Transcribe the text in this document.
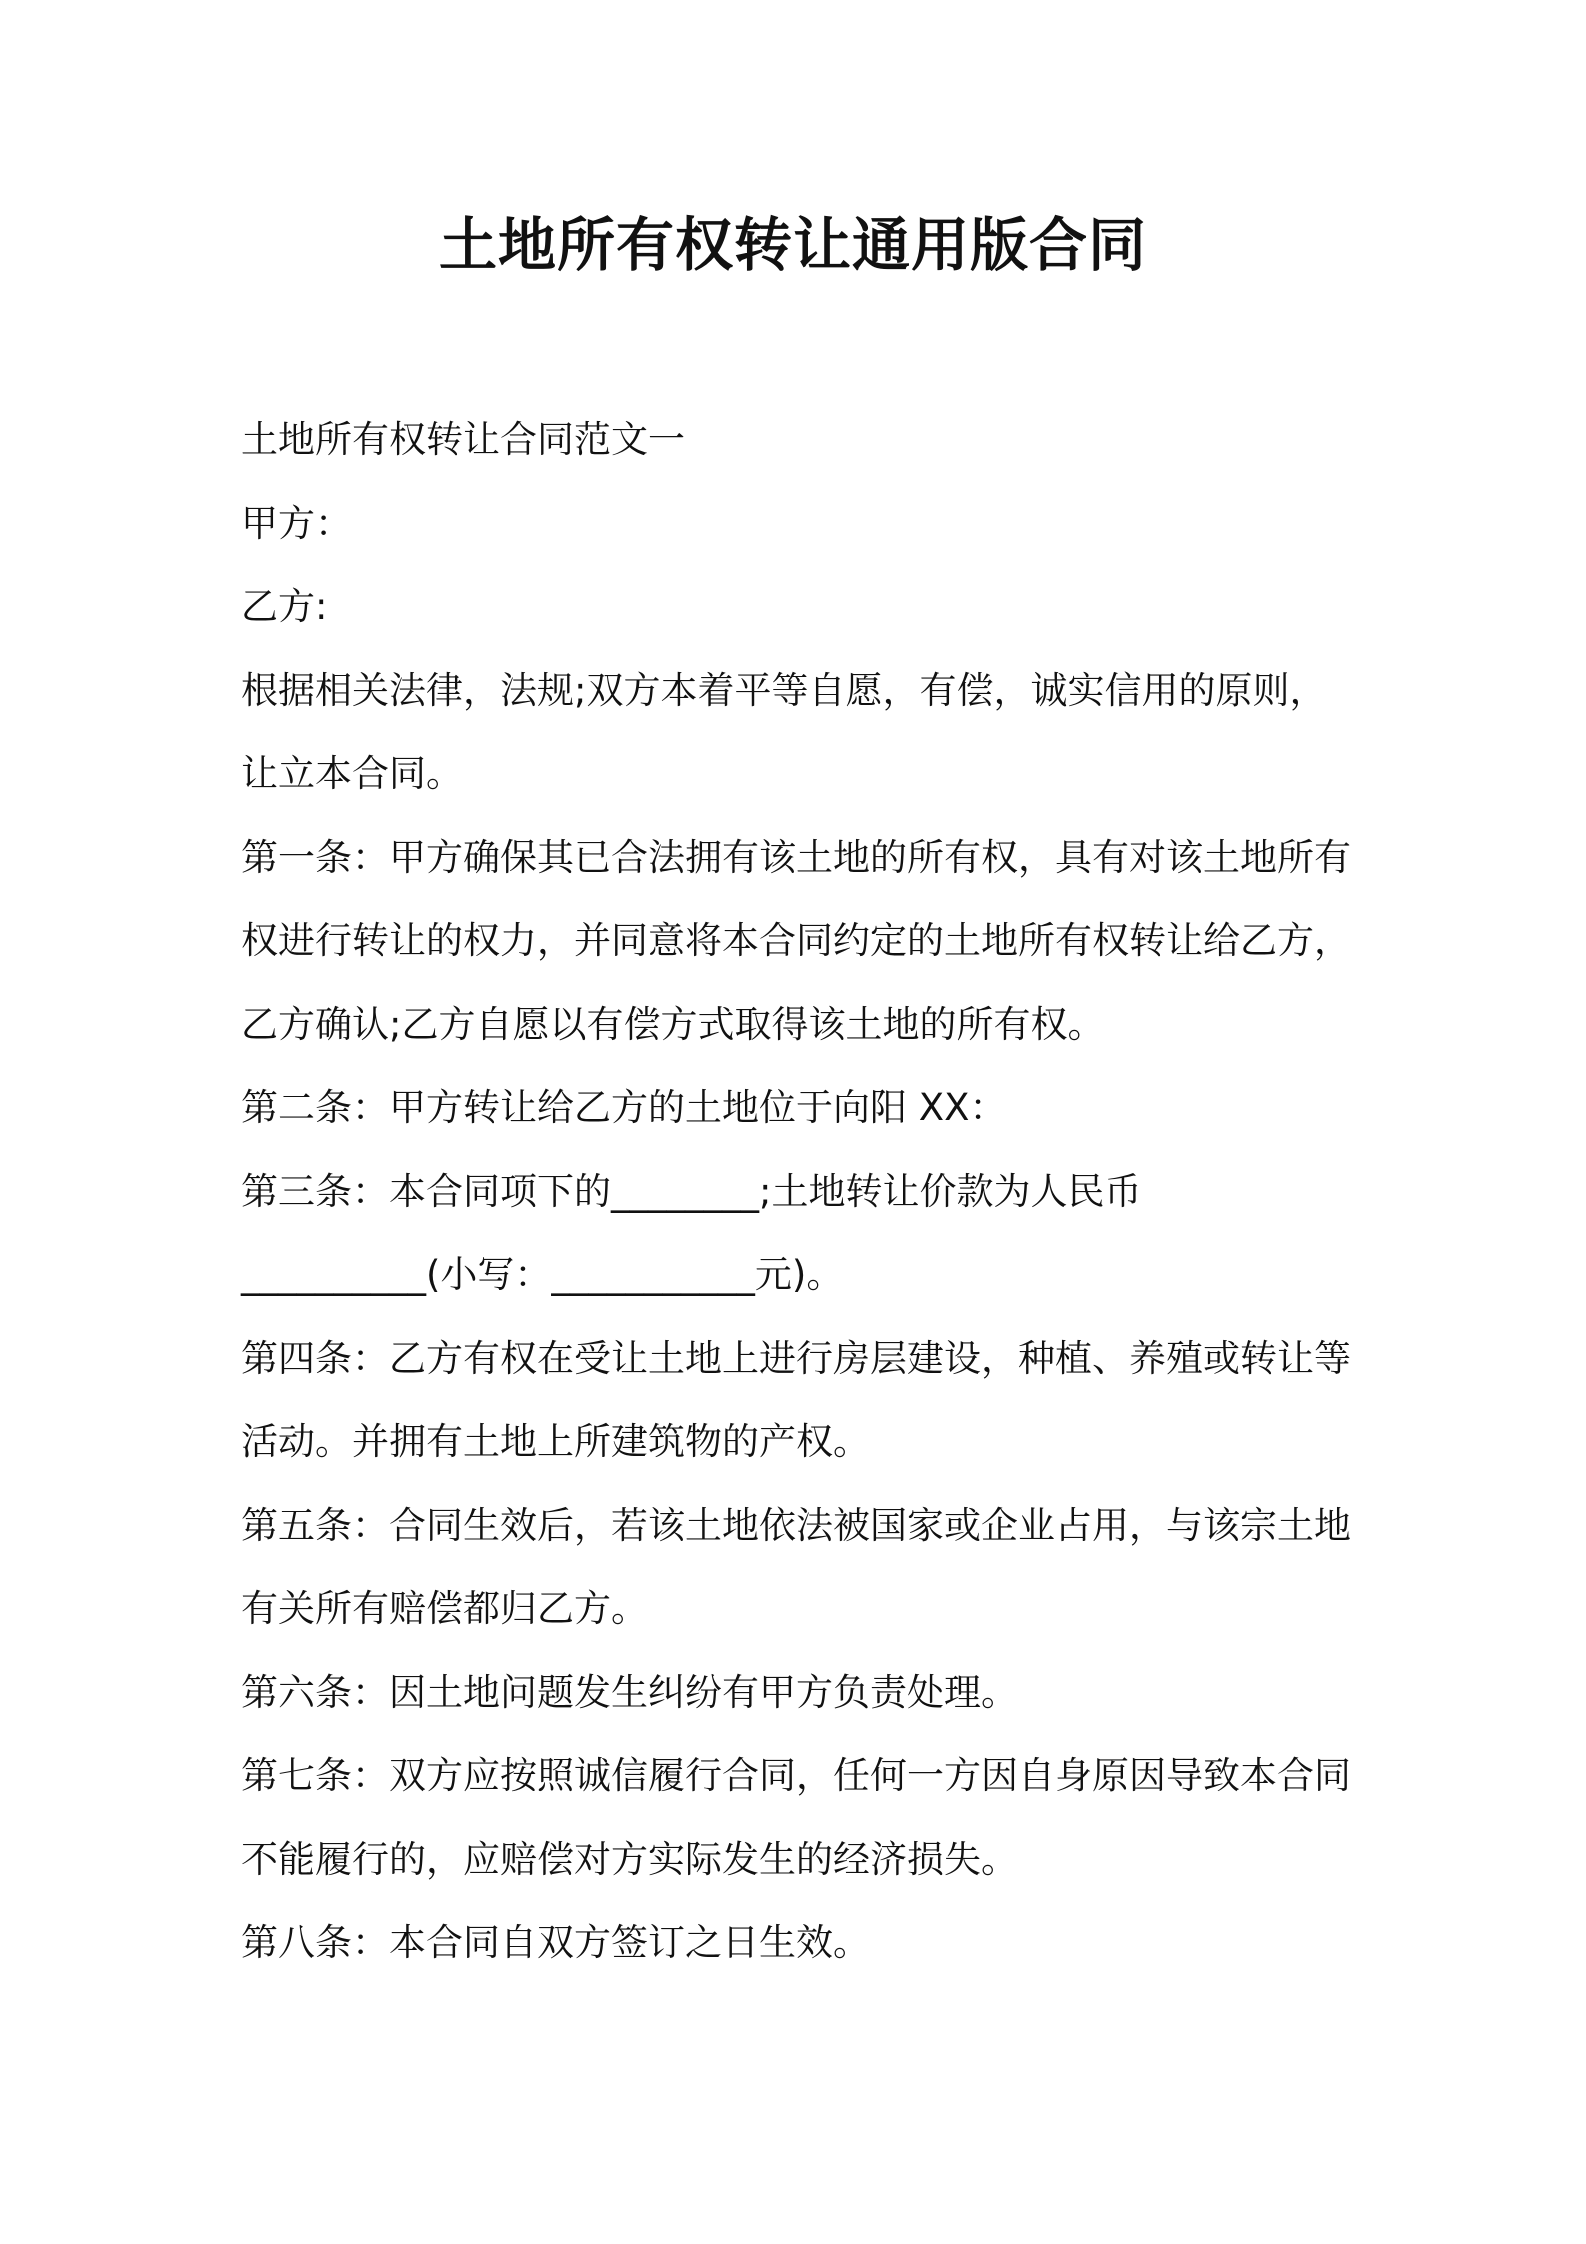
土地所有权转让通用版合同

土地所有权转让合同范文一

甲方：

乙方:

根据相关法律，法规;双方本着平等自愿，有偿，诚实信用的原则，

让立本合同。

第一条：甲方确保其已合法拥有该土地的所有权，具有对该土地所有

权进行转让的权力，并同意将本合同约定的土地所有权转让给乙方，

乙方确认;乙方自愿以有偿方式取得该土地的所有权。

第二条：甲方转让给乙方的土地位于向阳 XX：

第三条：本合同项下的________;土地转让价款为人民币

__________(小写：___________元)。

第四条：乙方有权在受让土地上进行房层建设，种植、养殖或转让等

活动。并拥有土地上所建筑物的产权。

第五条：合同生效后，若该土地依法被国家或企业占用，与该宗土地

有关所有赔偿都归乙方。

第六条：因土地问题发生纠纷有甲方负责处理。

第七条：双方应按照诚信履行合同，任何一方因自身原因导致本合同

不能履行的，应赔偿对方实际发生的经济损失。

第八条：本合同自双方签订之日生效。
